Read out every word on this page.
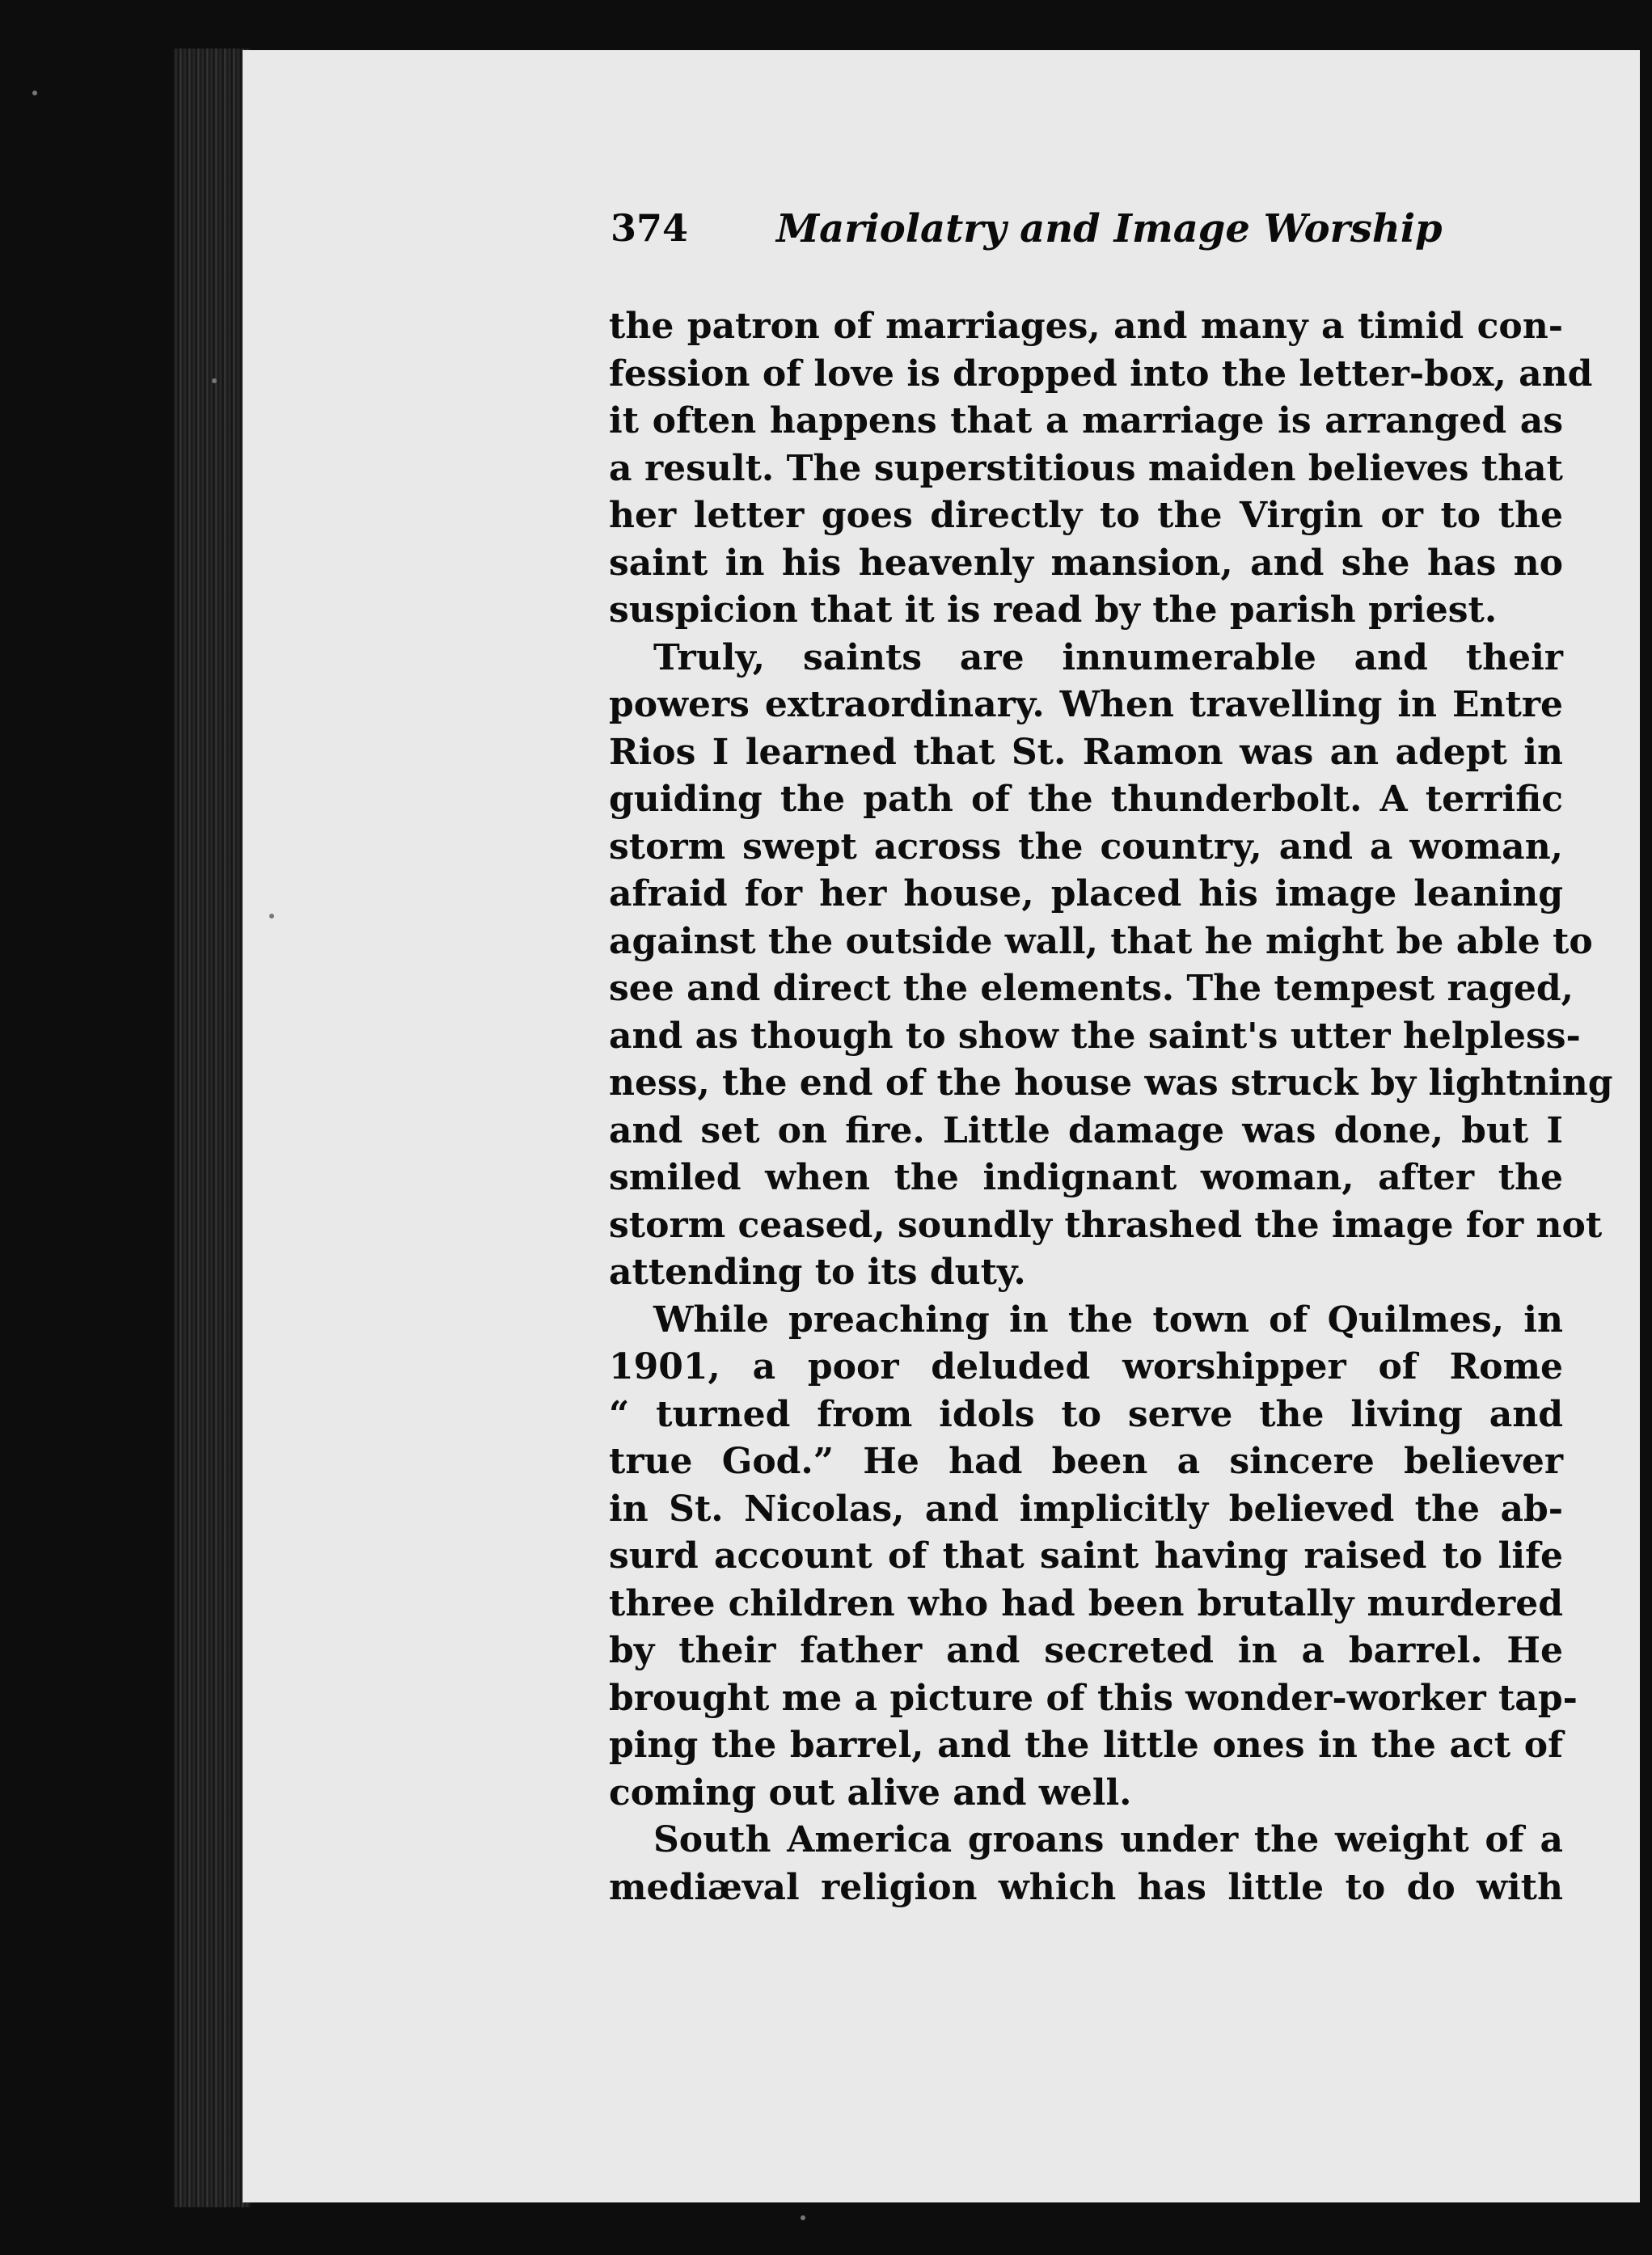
374 Mariolatry and Image Worship
the patron of marriages, and many a timid con-
fession of love is dropped into the letter-box, and
it often happens that a marriage is arranged as
a result. The superstitious maiden believes that
her letter goes directly to the Virgin or to the
saint in his heavenly mansion, and she has no
suspicion that it is read by the parish priest.
Truly, saints are innumerable and their
powers extraordinary. When travelling in Entre
Rios I learned that St. Ramon was an adept in
guiding the path of the thunderbolt. A terrific
storm swept across the country, and a woman,
afraid for her house, placed his image leaning
against the outside wall, that he might be able to
see and direct the elements. The tempest raged,
and as though to show the saint's utter helpless-
ness, the end of the house was struck by lightning
and set on fire. Little damage was done, but I
smiled when the indignant woman, after the
storm ceased, soundly thrashed the image for not
attending to its duty.
While preaching in the town of Quilmes, in
1901, a poor deluded worshipper of Rome
“ turned from idols to serve the living and
true God.” He had been a sincere believer
in St. Nicolas, and implicitly believed the ab-
surd account of that saint having raised to life
three children who had been brutally murdered
by their father and secreted in a barrel. He
brought me a picture of this wonder-worker tap-
ping the barrel, and the little ones in the act of
coming out alive and well.
South America groans under the weight of a
mediæval religion which has little to do with
